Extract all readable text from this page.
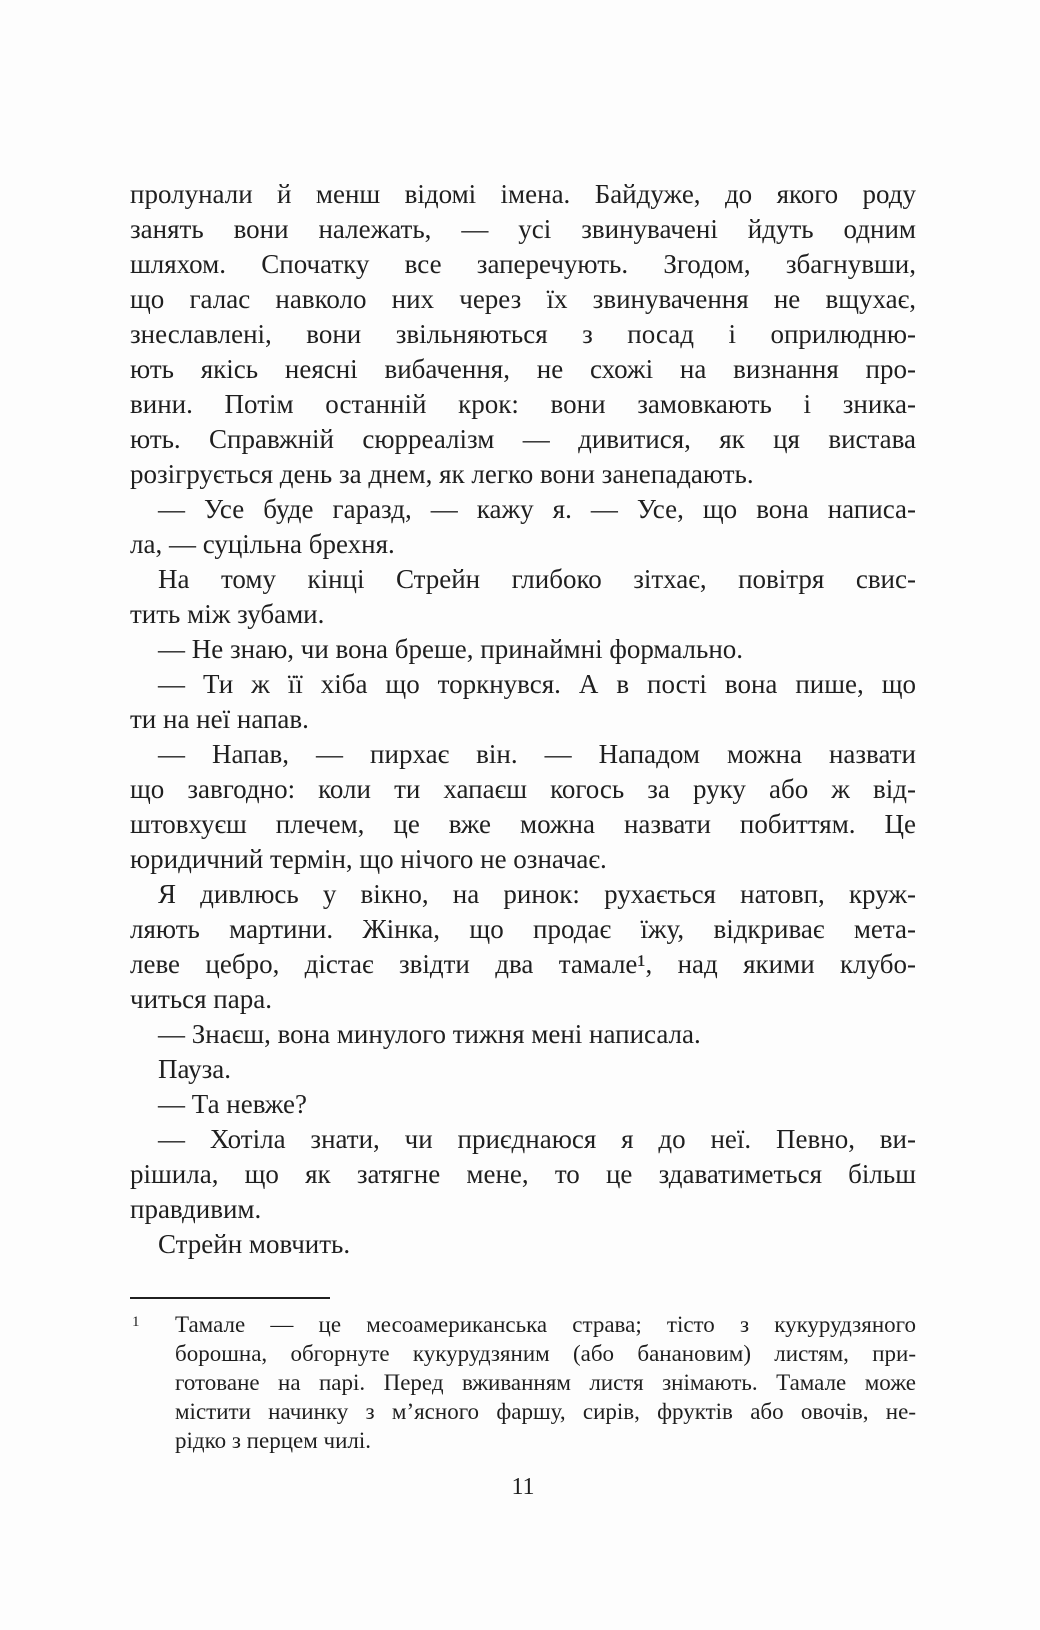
пролунали й менш відомі імена. Байдуже, до якого роду
занять вони належать, — усі звинувачені йдуть одним
шляхом. Спочатку все заперечують. Згодом, збагнувши,
що галас навколо них через їх звинувачення не вщухає,
знеславлені, вони звільняються з посад і оприлюдню-
ють якісь неясні вибачення, не схожі на визнання про-
вини. Потім останній крок: вони замовкають і зника-
ють. Справжній сюрреалізм — дивитися, як ця вистава
розігрується день за днем, як легко вони занепадають.
— Усе буде гаразд, — кажу я. — Усе, що вона написа-
ла, — суцільна брехня.
На тому кінці Стрейн глибоко зітхає, повітря свис-
тить між зубами.
— Не знаю, чи вона бреше, принаймні формально.
— Ти ж її хіба що торкнувся. А в пості вона пише, що
ти на неї напав.
— Напав, — пирхає він. — Нападом можна назвати
що завгодно: коли ти хапаєш когось за руку або ж від-
штовхуєш плечем, це вже можна назвати побиттям. Це
юридичний термін, що нічого не означає.
Я дивлюсь у вікно, на ринок: рухається натовп, круж-
ляють мартини. Жінка, що продає їжу, відкриває мета-
леве цебро, дістає звідти два тамале¹, над якими клубо-
читься пара.
— Знаєш, вона минулого тижня мені написала.
Пауза.
— Та невже?
— Хотіла знати, чи приєднаюся я до неї. Певно, ви-
рішила, що як затягне мене, то це здаватиметься більш
правдивим.
Стрейн мовчить.
1 Тамале — це месоамериканська страва; тісто з кукурудзяного
борошна, обгорнуте кукурудзяним (або банановим) листям, при-
готоване на парі. Перед вживанням листя знімають. Тамале може
містити начинку з м’ясного фаршу, сирів, фруктів або овочів, не-
рідко з перцем чилі.
11
